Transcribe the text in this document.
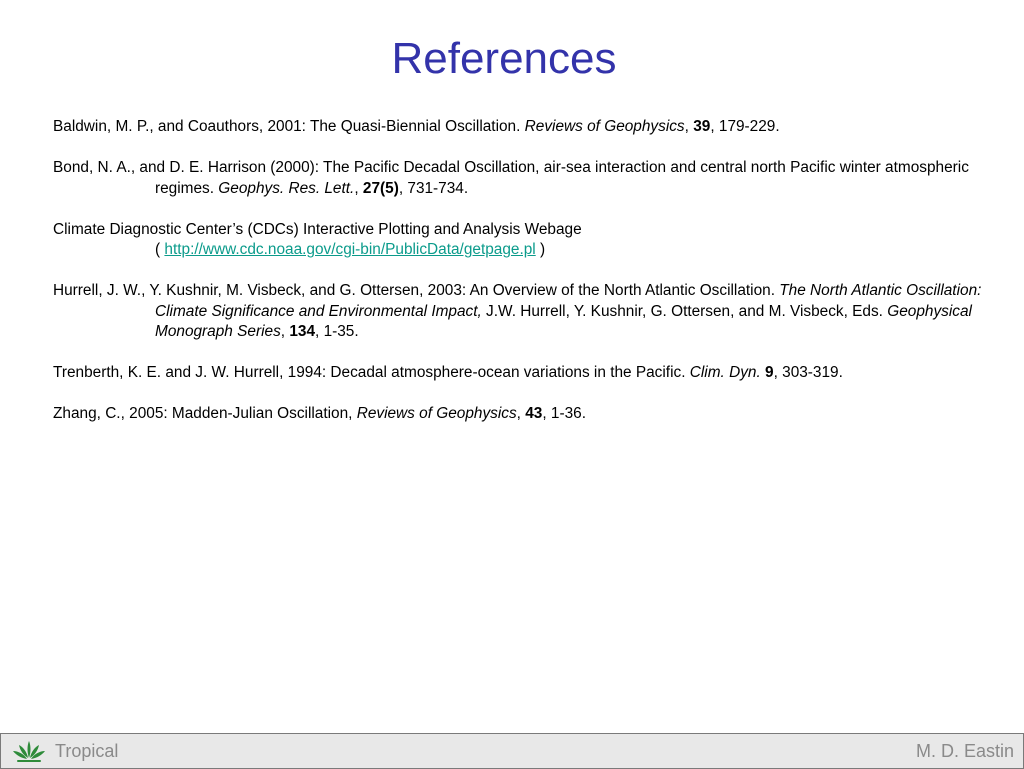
References

Baldwin, M. P., and Coauthors, 2001: The Quasi-Biennial Oscillation. Reviews of Geophysics, 39, 179-229.

Bond, N. A., and D. E. Harrison (2000): The Pacific Decadal Oscillation, air-sea interaction and central north Pacific winter atmospheric regimes. Geophys. Res. Lett., 27(5), 731-734.

Climate Diagnostic Center’s (CDCs) Interactive Plotting and Analysis Webage
( http://www.cdc.noaa.gov/cgi-bin/PublicData/getpage.pl )

Hurrell, J. W., Y. Kushnir, M. Visbeck, and G. Ottersen, 2003: An Overview of the North Atlantic Oscillation. The North Atlantic Oscillation: Climate Significance and Environmental Impact, J.W. Hurrell, Y. Kushnir, G. Ottersen, and M. Visbeck, Eds. Geophysical Monograph Series, 134, 1-35.

Trenberth, K. E. and J. W. Hurrell, 1994: Decadal atmosphere-ocean variations in the Pacific. Clim. Dyn. 9, 303-319.

Zhang, C., 2005: Madden-Julian Oscillation, Reviews of Geophysics, 43, 1-36.

Tropical	M. D. Eastin
